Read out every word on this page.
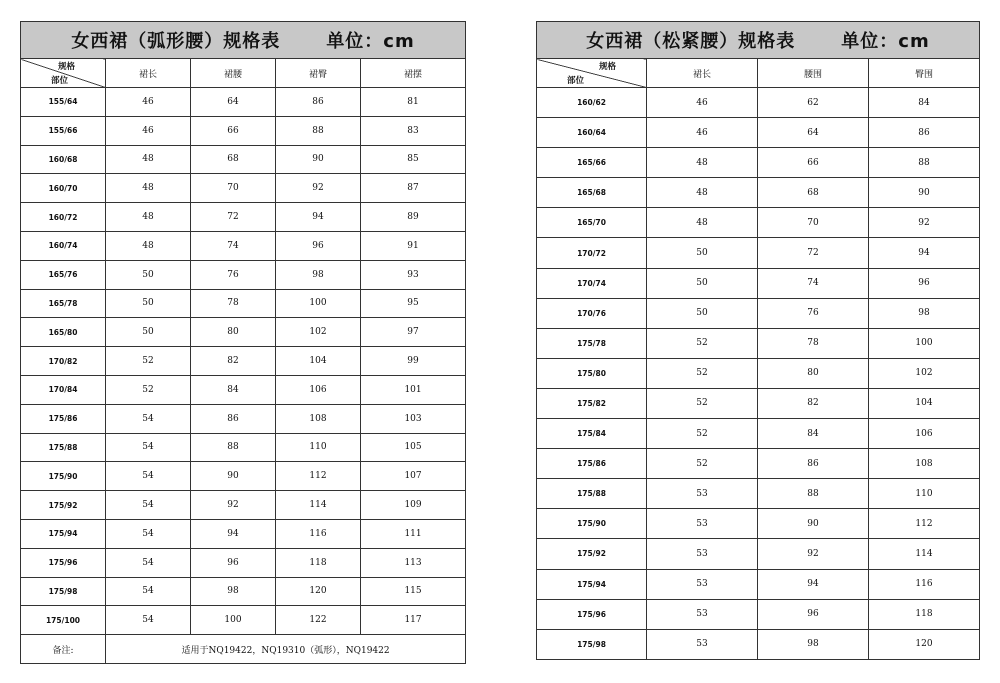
女西裙（弧形腰）规格表 单位：cm				

规格
部位	裙长	裙腰	裙臀	裙摆
155/64	46	64	86	81
155/66	46	66	88	83
160/68	48	68	90	85
160/70	48	70	92	87
160/72	48	72	94	89
160/74	48	74	96	91
165/76	50	76	98	93
165/78	50	78	100	95
165/80	50	80	102	97
170/82	52	82	104	99
170/84	52	84	106	101
175/86	54	86	108	103
175/88	54	88	110	105
175/90	54	90	112	107
175/92	54	92	114	109
175/94	54	94	116	111
175/96	54	96	118	113
175/98	54	98	120	115
175/100	54	100	122	117
备注:	适用于NQ19422，NQ19310（弧形），NQ19422			
女西裙（松紧腰）规格表 单位：cm			

规格
部位	裙长	腰围	臀围
160/62	46	62	84
160/64	46	64	86
165/66	48	66	88
165/68	48	68	90
165/70	48	70	92
170/72	50	72	94
170/74	50	74	96
170/76	50	76	98
175/78	52	78	100
175/80	52	80	102
175/82	52	82	104
175/84	52	84	106
175/86	52	86	108
175/88	53	88	110
175/90	53	90	112
175/92	53	92	114
175/94	53	94	116
175/96	53	96	118
175/98	53	98	120
